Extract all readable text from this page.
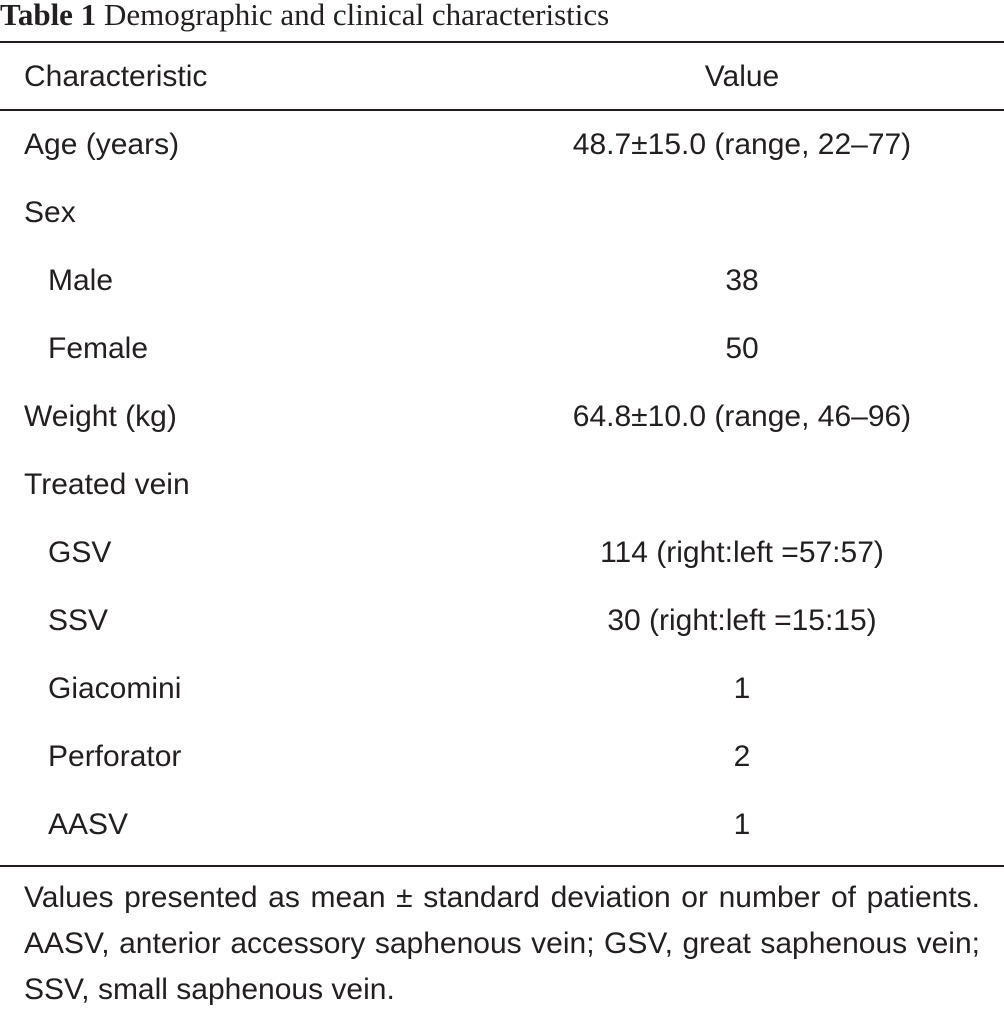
Table 1 Demographic and clinical characteristics
Characteristic	Value
Age (years)	48.7±15.0 (range, 22–77)
Sex
Male	38
Female	50
Weight (kg)	64.8±10.0 (range, 46–96)
Treated vein
GSV	114 (right:left =57:57)
SSV	30 (right:left =15:15)
Giacomini	1
Perforator	2
AASV	1
Values presented as mean ± standard deviation or number of patients. AASV, anterior accessory saphenous vein; GSV, great saphenous vein; SSV, small saphenous vein.
